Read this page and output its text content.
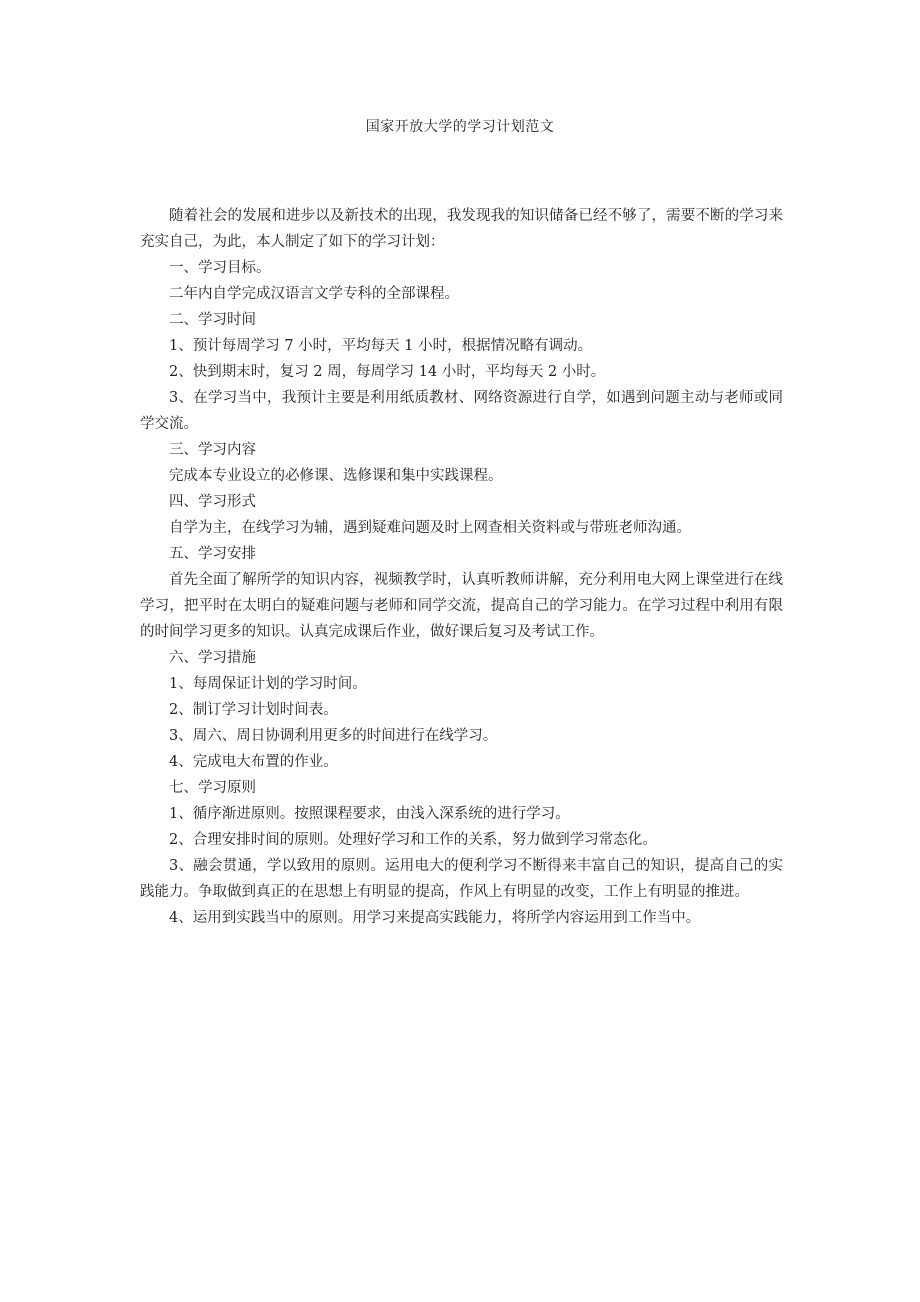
国家开放大学的学习计划范文

随着社会的发展和进步以及新技术的出现，我发现我的知识储备已经不够了，需要不断的学习来充实自己，为此，本人制定了如下的学习计划：

一、学习目标。

二年内自学完成汉语言文学专科的全部课程。

二、学习时间

1、预计每周学习 7 小时，平均每天 1 小时，根据情况略有调动。

2、快到期末时，复习 2 周，每周学习 14 小时，平均每天 2 小时。

3、在学习当中，我预计主要是利用纸质教材、网络资源进行自学，如遇到问题主动与老师或同学交流。

三、学习内容

完成本专业设立的必修课、选修课和集中实践课程。

四、学习形式

自学为主，在线学习为辅，遇到疑难问题及时上网查相关资料或与带班老师沟通。

五、学习安排

首先全面了解所学的知识内容，视频教学时，认真听教师讲解，充分利用电大网上课堂进行在线学习，把平时在太明白的疑难问题与老师和同学交流，提高自己的学习能力。在学习过程中利用有限的时间学习更多的知识。认真完成课后作业，做好课后复习及考试工作。

六、学习措施

1、每周保证计划的学习时间。

2、制订学习计划时间表。

3、周六、周日协调利用更多的时间进行在线学习。

4、完成电大布置的作业。

七、学习原则

1、循序渐进原则。按照课程要求，由浅入深系统的进行学习。

2、合理安排时间的原则。处理好学习和工作的关系，努力做到学习常态化。

3、融会贯通，学以致用的原则。运用电大的便利学习不断得来丰富自己的知识，提高自己的实践能力。争取做到真正的在思想上有明显的提高，作风上有明显的改变，工作上有明显的推进。

4、运用到实践当中的原则。用学习来提高实践能力，将所学内容运用到工作当中。
